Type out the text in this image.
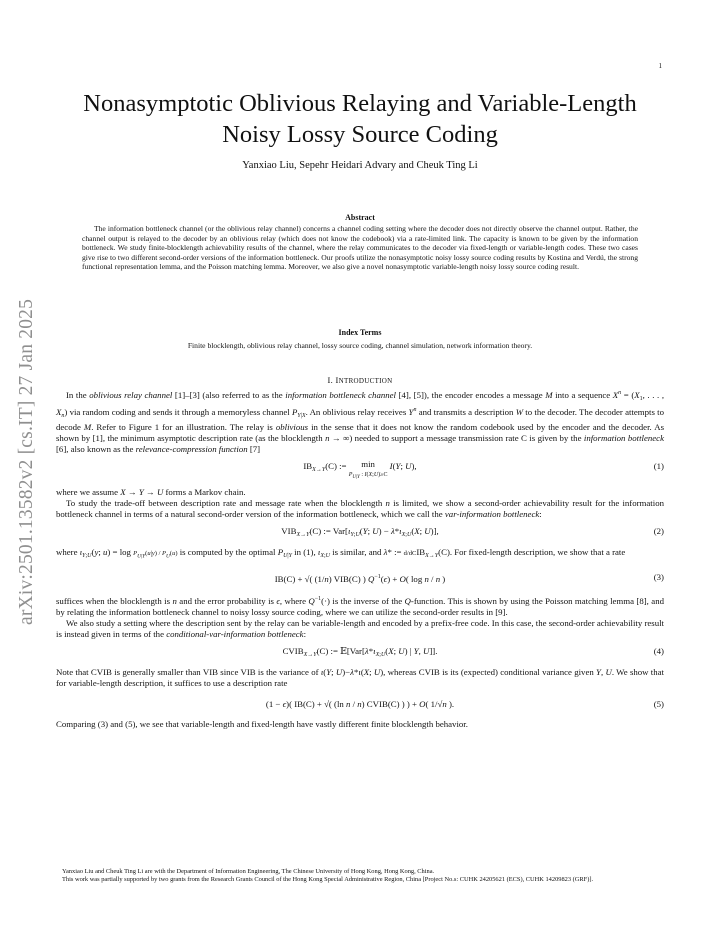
1
arXiv:2501.13582v2 [cs.IT] 27 Jan 2025
Nonasymptotic Oblivious Relaying and Variable-Length Noisy Lossy Source Coding
Yanxiao Liu, Sepehr Heidari Advary and Cheuk Ting Li
Abstract
The information bottleneck channel (or the oblivious relay channel) concerns a channel coding setting where the decoder does not directly observe the channel output. Rather, the channel output is relayed to the decoder by an oblivious relay (which does not know the codebook) via a rate-limited link. The capacity is known to be given by the information bottleneck. We study finite-blocklength achievability results of the channel, where the relay communicates to the decoder via fixed-length or variable-length codes. These two cases give rise to two different second-order versions of the information bottleneck. Our proofs utilize the nonasymptotic noisy lossy source coding results by Kostina and Verdú, the strong functional representation lemma, and the Poisson matching lemma. Moreover, we also give a novel nonasymptotic variable-length noisy lossy source coding result.
Index Terms
Finite blocklength, oblivious relay channel, lossy source coding, channel simulation, network information theory.
I. INTRODUCTION

In the oblivious relay channel [1]–[3] (also referred to as the information bottleneck channel [4], [5]), the encoder encodes a message M into a sequence $X^n = (X_1$, . . . , $X_n$) via random coding and sends it through a memoryless channel $P_{Y|X}$. An oblivious relay receives $Y^n$ and transmits a description W to the decoder. The decoder attempts to decode M. Refer to Figure 1 for an illustration. The relay is oblivious in the sense that it does not know the random codebook used by the encoder and the decoder. As shown by [1], the minimum asymptotic description rate (as the blocklength n → ∞) needed to support a message transmission rate C is given by the information bottleneck [6], also known as the relevance-compression function [7]

$IB_{X\to Y}(C)$ := min
$P_{U|Y}$ : I(X;U)≥C I(Y; U),	(1)

where we assume X → Y → U forms a Markov chain.

To study the trade-off between description rate and message rate when the blocklength n is limited, we show a second-order achievability result for the information bottleneck channel in terms of a natural second-order version of the information bottleneck, which we call the var-information bottleneck:

$VIB_{X\to Y}(C)$ := $Var[\iota_{Y;U}(Y$; $U) - \lambda*\iota_{X;U}(X$; U)],	(2)

where $\iota_{Y;U}(y$; $u) = \log P_{U|Y}(u|y) / P_U(u)$ is computed by the optimal $P_{U|Y}$ in (1), $\iota_{X;U}$ is similar, and λ* := d/dCIB$_{X\to Y}$(C). For fixed-length description, we show that a rate

IB(C) + √( (1/n) VIB(C) ) $Q^{-1}(\epsilon) + O$( log n / n )	(3)

suffices when the blocklength is n and the error probability is ϵ, where $Q^{-1}(\cdot)$ is the inverse of the Q-function. This is shown by using the Poisson matching lemma [8], and by relating the information bottleneck channel to noisy lossy source coding, where we can utilize the second-order results in [9].

We also study a setting where the description sent by the relay can be variable-length and encoded by a prefix-free code. In this case, the second-order achievability result is instead given in terms of the conditional-var-information bottleneck:

$CVIB_{X\to Y}(C)$ := $𝔼[Var[\lambda*\iota_{X;U}(X$; U) | Y, U]].	(4)

Note that CVIB is generally smaller than VIB since VIB is the variance of ι(Y; U)−λ*ι(X; U), whereas CVIB is its (expected) conditional variance given Y, U. We show that for variable-length description, it suffices to use a description rate

(1 − ϵ)( IB(C) + √( (ln n / n) CVIB(C) ) ) + O( 1/√n ).	(5)

Comparing (3) and (5), we see that variable-length and fixed-length have vastly different finite blocklength behavior.

Yanxiao Liu and Cheuk Ting Li are with the Department of Information Engineering, The Chinese University of Hong Kong, Hong Kong, China.

This work was partially supported by two grants from the Research Grants Council of the Hong Kong Special Administrative Region, China [Project No.s: CUHK 24205621 (ECS), CUHK 14209823 (GRF)].
